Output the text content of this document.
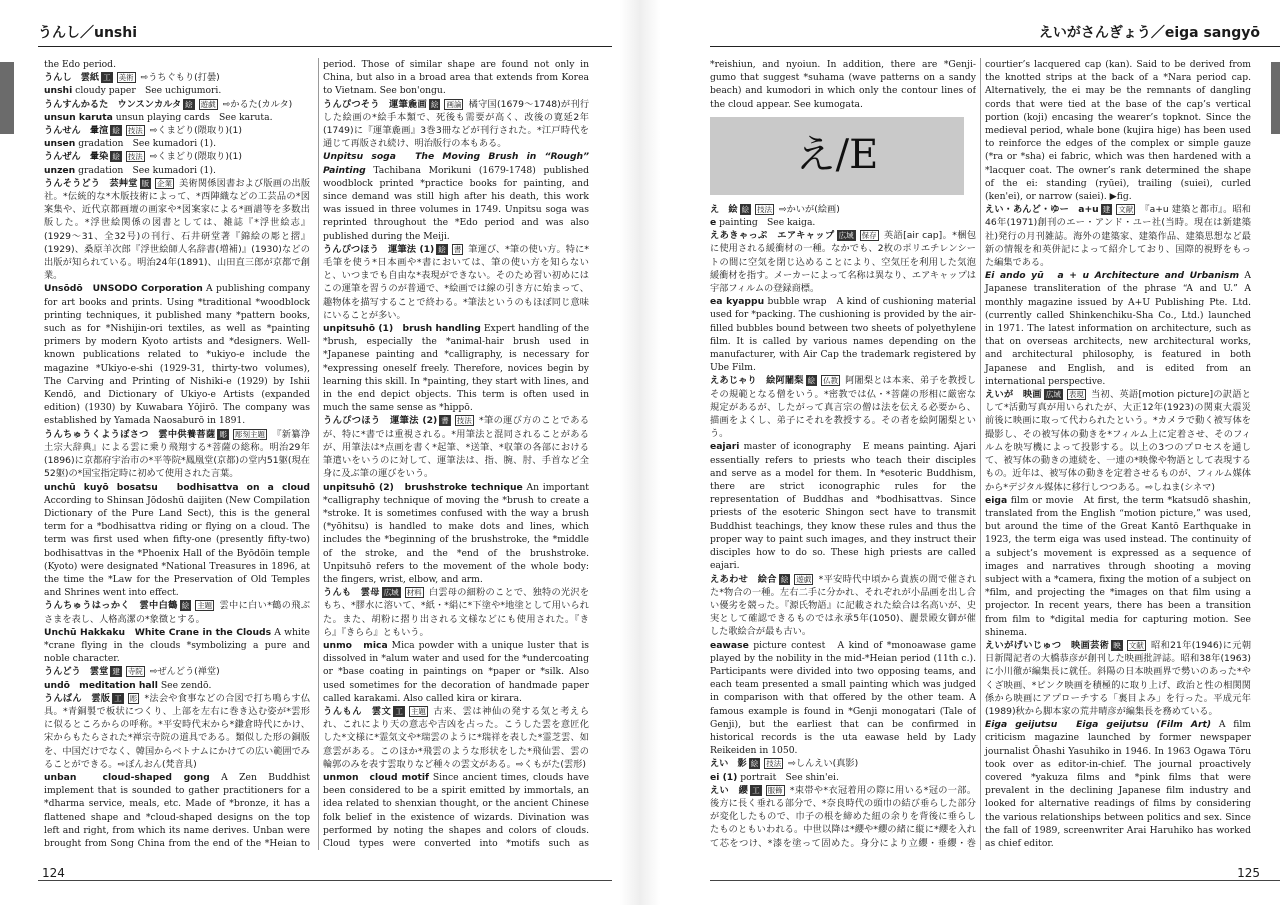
うんし／unshi

the Edo period.

うんし　雲紙 工 美術 ⇨うちぐもり(打曇)

unshi cloudy paper　See uchigumori.

うんすんかるた　ウンスンカルタ 絵 遊戯 ⇨かるた(カルタ)

unsun karuta unsun playing cards　See karuta.

うんせん　暈渲 絵 技法 ⇨くまどり(隈取り)(1)

unsen gradation　See kumadori (1).

うんぜん　暈染 絵 技法 ⇨くまどり(隈取り)(1)

unzen gradation　See kumadori (1).

うんそうどう　芸艸堂 版 企業 美術関係図書および版画の出版社。*伝統的な*木版技術によって、*西陣織などの工芸品の*図案集や、近代京都画壇の画家や*図案家による*画譜等を多数出版した。*浮世絵関係の図書としては、雑誌『*浮世絵志』(1929〜31、全32号)の刊行、石井研堂著『錦絵の彫と摺』(1929)、桑原羊次郎『浮世絵師人名辞書(増補)』(1930)などの出版が知られている。明治24年(1891)、山田直三郎が京都で創業。

Unsōdō　UNSODO Corporation A publishing company for art books and prints. Using *traditional *woodblock printing techniques, it published many *pattern books, such as for *Nishijin-ori textiles, as well as *painting primers by modern Kyoto artists and *designers. Well-known publications related to *ukiyo-e include the magazine *Ukiyo-e-shi (1929-31, thirty-two volumes), The Carving and Printing of Nishiki-e (1929) by Ishii Kendō, and Dictionary of Ukiyo-e Artists (expanded edition) (1930) by Kuwabara Yōjirō. The company was established by Yamada Naosaburō in 1891.

うんちゅうくようぼさつ　雲中供養菩薩 彫 彫刻主題 『新纂浄土宗大辞典』による雲に乗り飛翔する*菩薩の総称。明治29年(1896)に京都府宇治市の*平等院*鳳凰堂(京都)の堂内51躯(現在52躯)の*国宝指定時に初めて使用された言葉。

unchū kuyō bosatsu　bodhisattva on a cloud According to Shinsan Jōdoshū daijiten (New Compilation Dictionary of the Pure Land Sect), this is the general term for a *bodhisattva riding or flying on a cloud. The term was first used when fifty-one (presently fifty-two) bodhisattvas in the *Phoenix Hall of the Byōdōin temple (Kyoto) were designated *National Treasures in 1896, at the time the *Law for the Preservation of Old Temples and Shrines went into effect.

うんちゅうはっかく　雲中白鶴 絵 主題 雲中に白い*鶴の飛ぶさまを表し、人格高潔の*象徴とする。

Unchū Hakkaku　White Crane in the Clouds A white *crane flying in the clouds *symbolizing a pure and noble character.

うんどう　雲堂 建 寺院 ⇨ぜんどう(禅堂)

undō　meditation hall See zendō.

うんばん　雲版 工 彫 *法会や食事などの合図で打ち鳴らす仏具。*青銅製で板状につくり、上部を左右に巻き込む姿が*雲形に似るところからの呼称。*平安時代末から*鎌倉時代にかけ、宋からもたらされた*禅宗寺院の道具である。類似した形の銅版を、中国だけでなく、韓国からベトナムにかけての広い範囲でみることができる。⇨ぼんおん(梵音具)

unban　cloud-shaped gong A Zen Buddhist implement that is sounded to gather practitioners for a *dharma service, meals, etc. Made of *bronze, it has a flattened shape and *cloud-shaped designs on the top left and right, from which its name derives. Unban were brought from Song China from the end of the *Heian to

period. Those of similar shape are found not only in China, but also in a broad area that extends from Korea to Vietnam. See bon'ongu.

うんぴつそう　運筆麁画 絵 画論 橘守国(1679〜1748)が刊行した絵画の*絵手本類で、死後も需要が高く、改後の寛延2年(1749)に『運筆麁画』3巻3冊などが刊行された。*江戸時代を通じて再版され続け、明治版行の本もある。

Unpitsu soga　The Moving Brush in “Rough” Painting Tachibana Morikuni (1679-1748) published woodblock printed *practice books for painting, and since demand was still high after his death, this work was issued in three volumes in 1749. Unpitsu soga was reprinted throughout the *Edo period and was also published during the Meiji.

うんぴつほう　運筆法 (1) 絵 書 筆運び、*筆の使い方。特に*毛筆を使う*日本画や*書においては、筆の使い方を知らないと、いつまでも自由な*表現ができない。そのため習い初めにはこの運筆を習うのが普通で、*絵画では線の引き方に始まって、趣物体を描写することで終わる。*筆法というのもほぼ同じ意味にいることが多い。

unpitsuhō (1)　brush handling Expert handling of the *brush, especially the *animal-hair brush used in *Japanese painting and *calligraphy, is necessary for *expressing oneself freely. Therefore, novices begin by learning this skill. In *painting, they start with lines, and in the end depict objects. This term is often used in much the same sense as *hippō.

うんぴつほう　運筆法 (2) 書 技法 *筆の運び方のことであるが、特に*書では重視される。*用筆法と混同されることがあるが、用筆法は*点画を書く*起筆、*送筆、*収筆の各部における筆遣いをいうのに対して、運筆法は、指、腕、肘、手首など全身に及ぶ筆の運びをいう。

unpitsuhō (2)　brushstroke technique An important *calligraphy technique of moving the *brush to create a *stroke. It is sometimes confused with the way a brush (*yōhitsu) is handled to make dots and lines, which includes the *beginning of the brushstroke, the *middle of the stroke, and the *end of the brushstroke. Unpitsuhō refers to the movement of the whole body: the fingers, wrist, elbow, and arm.

うんも　雲母 広域 材料 白雲母の細粉のことで、独特の光沢をもち、*膠水に溶いて、*紙・*絹に*下塗や*地塗として用いられた。また、胡粉に摺り出される文様などにも使用された。『きら』『きらら』ともいう。

unmo　mica Mica powder with a unique luster that is dissolved in *alum water and used for the *undercoating or *base coating in paintings on *paper or *silk. Also used sometimes for the decoration of handmade paper called karakami. Also called kira or kirara.

うんもん　雲文 工 主題 古来、雲は神仙の発する気と考えられ、これにより天の意志や吉凶を占った。こうした雲を意匠化した*文様に*霊気文や*瑞雲のように*瑞祥を表した*霊芝雲、如意雲がある。このほか*飛雲のような形状をした*飛仙雲、雲の輪郭のみを表す雲取りなど種々の雲文がある。⇨くもがた(雲形)

unmon　cloud motif Since ancient times, clouds have been considered to be a spirit emitted by immortals, an idea related to shenxian thought, or the ancient Chinese folk belief in the existence of wizards. Divination was performed by noting the shapes and colors of clouds. Cloud types were converted into *motifs such as

124
えいがさんぎょう／eiga sangyō

*reishiun, and nyoiun. In addition, there are *Genji-gumo that suggest *suhama (wave patterns on a sandy beach) and kumodori in which only the contour lines of the cloud appear. See kumogata.

え/E

え　絵 絵 技法 ⇨かいが(絵画)

e painting　See kaiga.

えあきゃっぷ　エアキャップ 広域 保存 英語[air cap]。*梱包に使用される緩衝材の一種。なかでも、2枚のポリエチレンシートの間に空気を閉じ込めることにより、空気圧を利用した気泡緩衝材を指す。メーカーによって名称は異なり、エアキャップは宇部フィルムの登録商標。

ea kyappu bubble wrap　A kind of cushioning material used for *packing. The cushioning is provided by the air-filled bubbles bound between two sheets of polyethylene film. It is called by various names depending on the manufacturer, with Air Cap the trademark registered by Ube Film.

えあじゃり　絵阿闍梨 絵 仏教 阿闍梨とは本来、弟子を教授しその規範となる僧をいう。*密教では仏・*菩薩の形相に厳密な規定があるが、したがって真言宗の僧は法を伝える必要から、描画をよくし、弟子にそれを教授する。その者を絵阿闍梨という。

eajari master of iconography　E means painting. Ajari essentially refers to priests who teach their disciples and serve as a model for them. In *esoteric Buddhism, there are strict iconographic rules for the representation of Buddhas and *bodhisattvas. Since priests of the esoteric Shingon sect have to transmit Buddhist teachings, they know these rules and thus the proper way to paint such images, and they instruct their disciples how to do so. These high priests are called eajari.

えあわせ　絵合 絵 遊戯 *平安時代中頃から貴族の間で催された*物合の一種。左右二手に分かれ、それぞれが小品画を出し合い優劣を競った。『源氏物語』に記載された絵合は名高いが、史実として確認できるものでは永承5年(1050)、麗景殿女御が催した歌絵合が最も古い。

eawase picture contest　A kind of *monoawase game played by the nobility in the mid-*Heian period (11th c.). Participants were divided into two opposing teams, and each team presented a small painting which was judged in comparison with that offered by the other team. A famous example is found in *Genji monogatari (Tale of Genji), but the earliest that can be confirmed in historical records is the uta eawase held by Lady Reikeiden in 1050.

えい　影 絵 技法 ⇨しんえい(真影)

ei (1) portrait　See shin'ei.

えい　纓 工 服飾 *束帯や*衣冠着用の際に用いる*冠の一部。後方に長く垂れる部分で、*奈良時代の頭巾の結び垂らした部分が変化したもので、巾子の根を締めた紐の余りを背後に垂らしたものともいわれる。中世以降は*纓や*纓の緒に縦に*纓を入れて芯をつけ、*漆を塗って固めた。身分により立纓・垂纓・巻

courtier’s lacquered cap (kan). Said to be derived from the knotted strips at the back of a *Nara period cap. Alternatively, the ei may be the remnants of dangling cords that were tied at the base of the cap’s vertical portion (koji) encasing the wearer’s topknot. Since the medieval period, whale bone (kujira hige) has been used to reinforce the edges of the complex or simple gauze (*ra or *sha) ei fabric, which was then hardened with a *lacquer coat. The owner’s rank determined the shape of the ei: standing (ryūei), trailing (suiei), curled (ken'ei), or narrow (saiei). ▶fig.

えい・あんど・ゆー　a+u 建 文献 『a+u 建築と都市』。昭和46年(1971)創刊のエー・アンド・ユー社(当時。現在は新建築社)発行の月刊雑誌。海外の建築家、建築作品、建築思想など最新の情報を和英併記によって紹介しており、国際的視野をもった編集である。

Ei ando yū　a + u Architecture and Urbanism A Japanese transliteration of the phrase “A and U.” A monthly magazine issued by A+U Publishing Pte. Ltd. (currently called Shinkenchiku-Sha Co., Ltd.) launched in 1971. The latest information on architecture, such as that on overseas architects, new architectural works, and architectural philosophy, is featured in both Japanese and English, and is edited from an international perspective.

えいが　映画 広域 表現 当初、英語[motion picture]の訳語として*活動写真が用いられたが、大正12年(1923)の関東大震災前後に映画に取って代わられたという。*カメラで動く被写体を撮影し、その被写体の動きを*フィルム上に定着させ、そのフィルムを映写機によって投影する。以上の3つのプロセスを通して、被写体の動きの連続を、一連の*映像や物語として表現するもの。近年は、被写体の動きを定着させるものが、フィルム媒体から*デジタル媒体に移行しつつある。⇨しねま(シネマ)

eiga film or movie　At first, the term *katsudō shashin, translated from the English “motion picture,” was used, but around the time of the Great Kantō Earthquake in 1923, the term eiga was used instead. The continuity of a subject’s movement is expressed as a sequence of images and narratives through shooting a moving subject with a *camera, fixing the motion of a subject on *film, and projecting the *images on that film using a projector. In recent years, there has been a transition from film to *digital media for capturing motion. See shinema.

えいがげいじゅつ　映画芸術 映 文献 昭和21年(1946)に元朝日新聞記者の大橋恭彦が創刊した映画批評誌。昭和38年(1963)に小川徹が編集長に就任。斜陽の日本映画界で勢いのあった*やくざ映画、*ピンク映画を積極的に取り上げ、政治と性の相関関係から映画にアプローチする「裏目よみ」を行った。平成元年(1989)秋から脚本家の荒井晴彦が編集長を務めている。

Eiga geijutsu　Eiga geijutsu (Film Art) A film criticism magazine launched by former newspaper journalist Ōhashi Yasuhiko in 1946. In 1963 Ogawa Tōru took over as editor-in-chief. The journal proactively covered *yakuza films and *pink films that were prevalent in the declining Japanese film industry and looked for alternative readings of films by considering the various relationships between politics and sex. Since the fall of 1989, screenwriter Arai Haruhiko has worked as chief editor.

125
